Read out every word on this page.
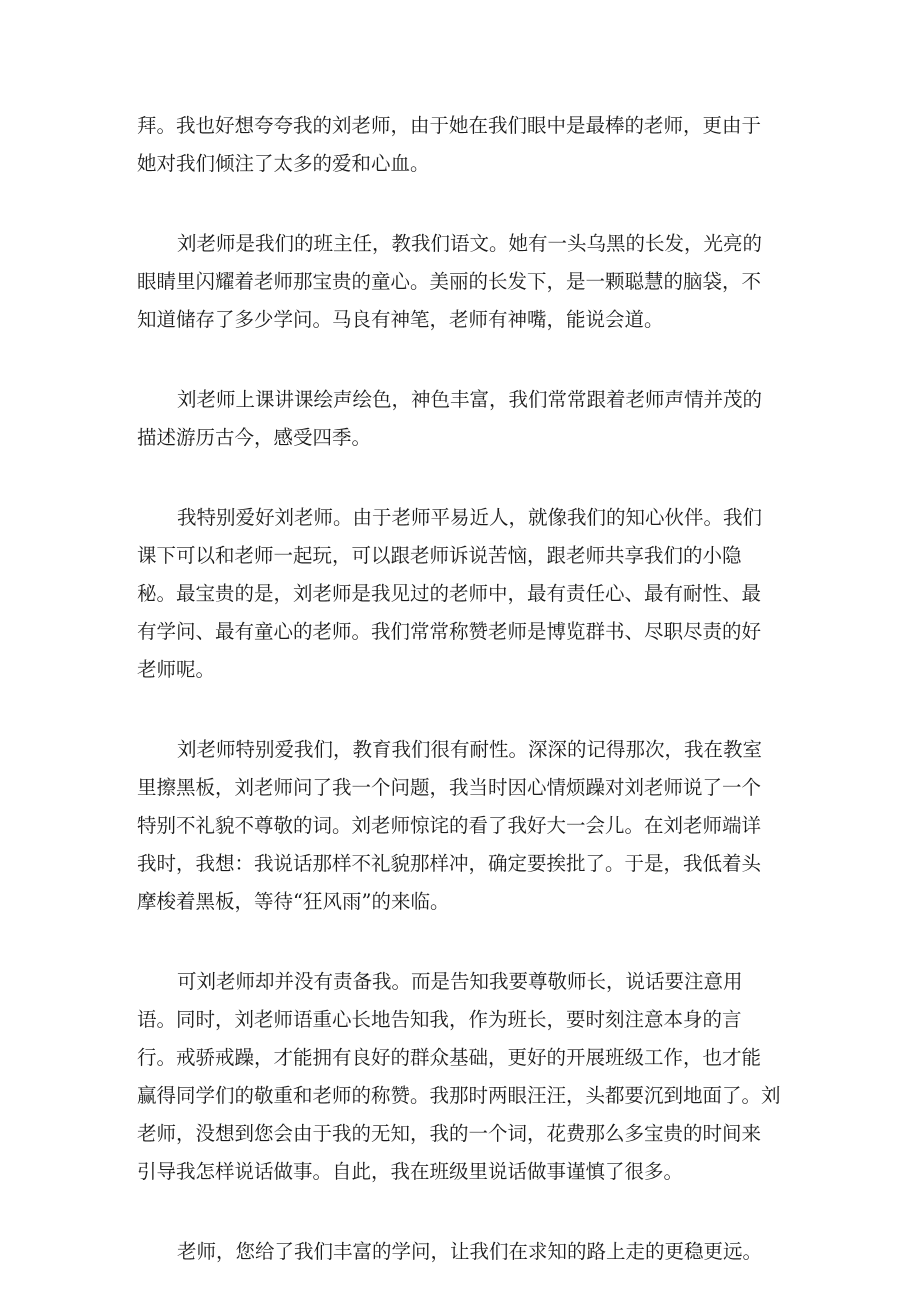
拜。我也好想夸夸我的刘老师，由于她在我们眼中是最棒的老师，更由于
她对我们倾注了太多的爱和心血。
刘老师是我们的班主任，教我们语文。她有一头乌黑的长发，光亮的
眼睛里闪耀着老师那宝贵的童心。美丽的长发下，是一颗聪慧的脑袋，不
知道储存了多少学问。马良有神笔，老师有神嘴，能说会道。
刘老师上课讲课绘声绘色，神色丰富，我们常常跟着老师声情并茂的
描述游历古今，感受四季。
我特别爱好刘老师。由于老师平易近人，就像我们的知心伙伴。我们
课下可以和老师一起玩，可以跟老师诉说苦恼，跟老师共享我们的小隐
秘。最宝贵的是，刘老师是我见过的老师中，最有责任心、最有耐性、最
有学问、最有童心的老师。我们常常称赞老师是博览群书、尽职尽责的好
老师呢。
刘老师特别爱我们，教育我们很有耐性。深深的记得那次，我在教室
里擦黑板，刘老师问了我一个问题，我当时因心情烦躁对刘老师说了一个
特别不礼貌不尊敬的词。刘老师惊诧的看了我好大一会儿。在刘老师端详
我时，我想：我说话那样不礼貌那样冲，确定要挨批了。于是，我低着头
摩梭着黑板，等待“狂风雨”的来临。
可刘老师却并没有责备我。而是告知我要尊敬师长，说话要注意用
语。同时，刘老师语重心长地告知我，作为班长，要时刻注意本身的言
行。戒骄戒躁，才能拥有良好的群众基础，更好的开展班级工作，也才能
赢得同学们的敬重和老师的称赞。我那时两眼汪汪，头都要沉到地面了。刘
老师，没想到您会由于我的无知，我的一个词，花费那么多宝贵的时间来
引导我怎样说话做事。自此，我在班级里说话做事谨慎了很多。
老师，您给了我们丰富的学问，让我们在求知的路上走的更稳更远。
